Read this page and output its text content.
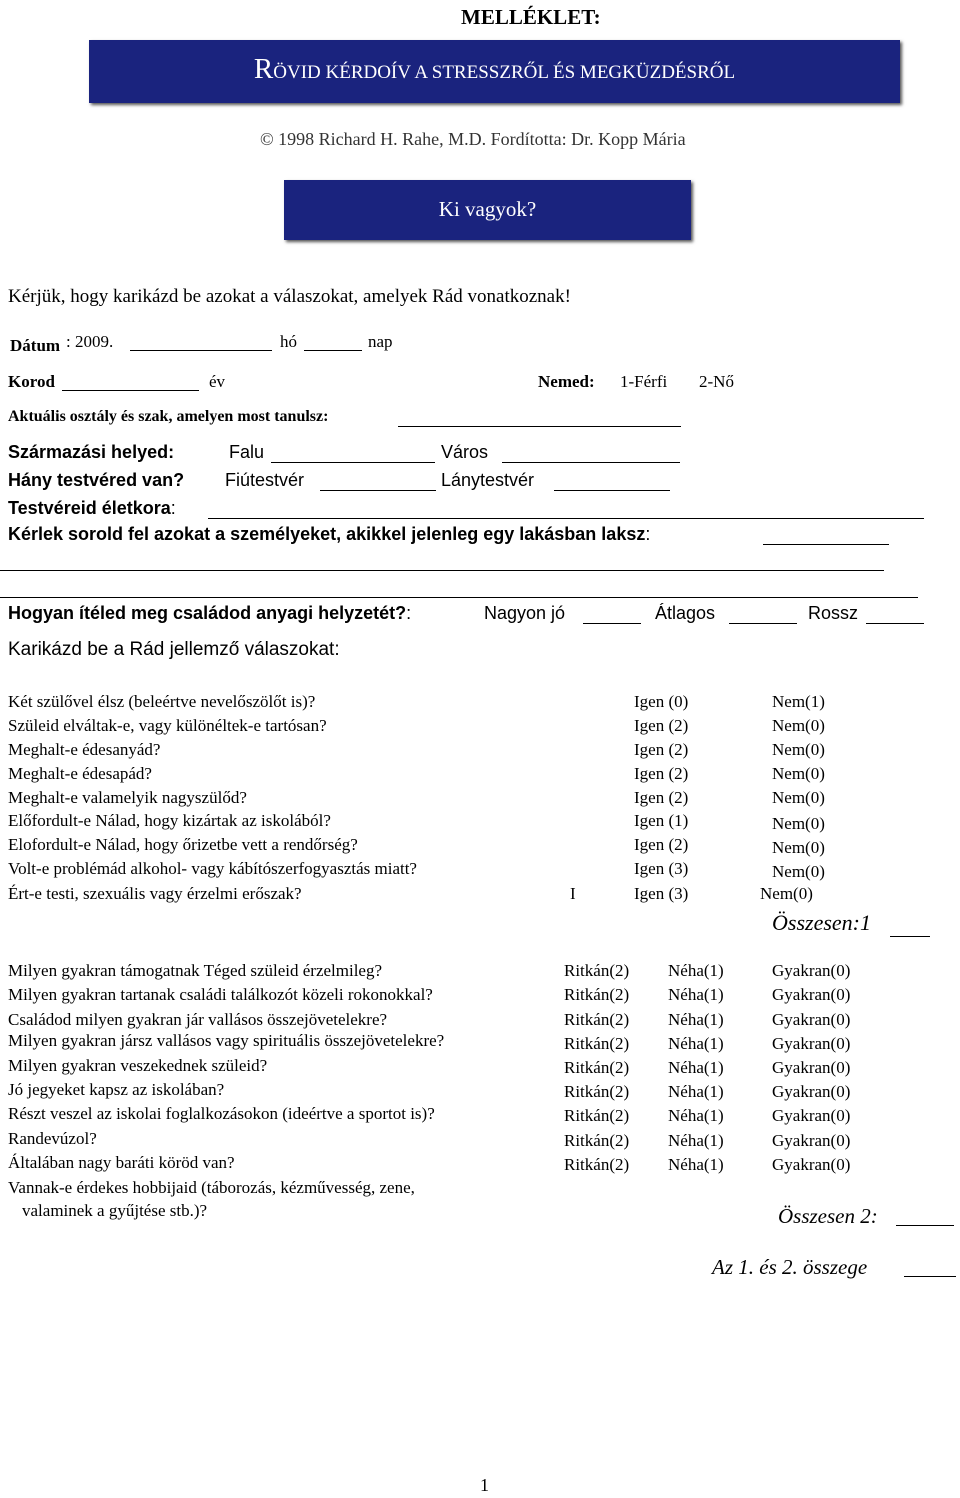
MELLÉKLET:
RÖVID KÉRDOÍV A STRESSZRŐL ÉS MEGKÜZDÉSRŐL
© 1998 Richard H. Rahe, M.D. Fordította: Dr. Kopp Mária
Ki vagyok?
Kérjük, hogy karikázd be azokat a válaszokat, amelyek Rád vonatkoznak!
Dátum : 2009.	hó	nap
Korod	év	Nemed: 1-Férfi 2-Nő
Aktuális osztály és szak, amelyen most tanulsz:
Származási helyed:	Falu	Város
Hány testvéred van? Fiútestvér	Lánytestvér
Testvéreid életkora:
Kérlek sorold fel azokat a személyeket, akikkel jelenleg egy lakásban laksz:
Hogyan ítéled meg családod anyagi helyzetét?:	Nagyon jó	Átlagos	Rossz
Karikázd be a Rád jellemző válaszokat:
Két szülővel élsz (beleértve nevelőszölőt is)?	Igen (0)	Nem(1)
Szüleid elváltak-e, vagy különéltek-e tartósan?	Igen (2)	Nem(0)
Meghalt-e édesanyád?	Igen (2)	Nem(0)
Meghalt-e édesapád?	Igen (2)	Nem(0)
Meghalt-e valamelyik nagyszülőd?	Igen (2)	Nem(0)
Előfordult-e Nálad, hogy kizártak az iskolából?	Igen (1)	Nem(0)
Elofordult-e Nálad, hogy őrizetbe vett a rendőrség?	Igen (2)	Nem(0)
Volt-e problémád alkohol- vagy kábítószerfogyasztás miatt?	Igen (3)	Nem(0)
Ért-e testi, szexuális vagy érzelmi erőszak?	I	Igen (3)	Nem(0)
Összesen:1
Milyen gyakran támogatnak Téged szüleid érzelmileg?	Ritkán(2) Néha(1)	Gyakran(0)
Milyen gyakran tartanak családi találkozót közeli rokonokkal?	Ritkán(2) Néha(1)	Gyakran(0)
Családod milyen gyakran jár vallásos összejövetelekre?	Ritkán(2) Néha(1)	Gyakran(0)
Milyen gyakran jársz vallásos vagy spirituális összejövetelekre?	Ritkán(2) Néha(1)	Gyakran(0)
Milyen gyakran veszekednek szüleid?	Ritkán(2) Néha(1)	Gyakran(0)
Jó jegyeket kapsz az iskolában?	Ritkán(2) Néha(1)	Gyakran(0)
Részt veszel az iskolai foglalkozásokon (ideértve a sportot is)?	Ritkán(2) Néha(1)	Gyakran(0)
Randevúzol?	Ritkán(2) Néha(1)	Gyakran(0)
Általában nagy baráti köröd van?	Ritkán(2) Néha(1)	Gyakran(0)
Vannak-e érdekes hobbijaid (táborozás, kézművesség, zene,
valaminek a gyűjtése stb.)?	Összesen 2:
Az 1. és 2. összege
1
